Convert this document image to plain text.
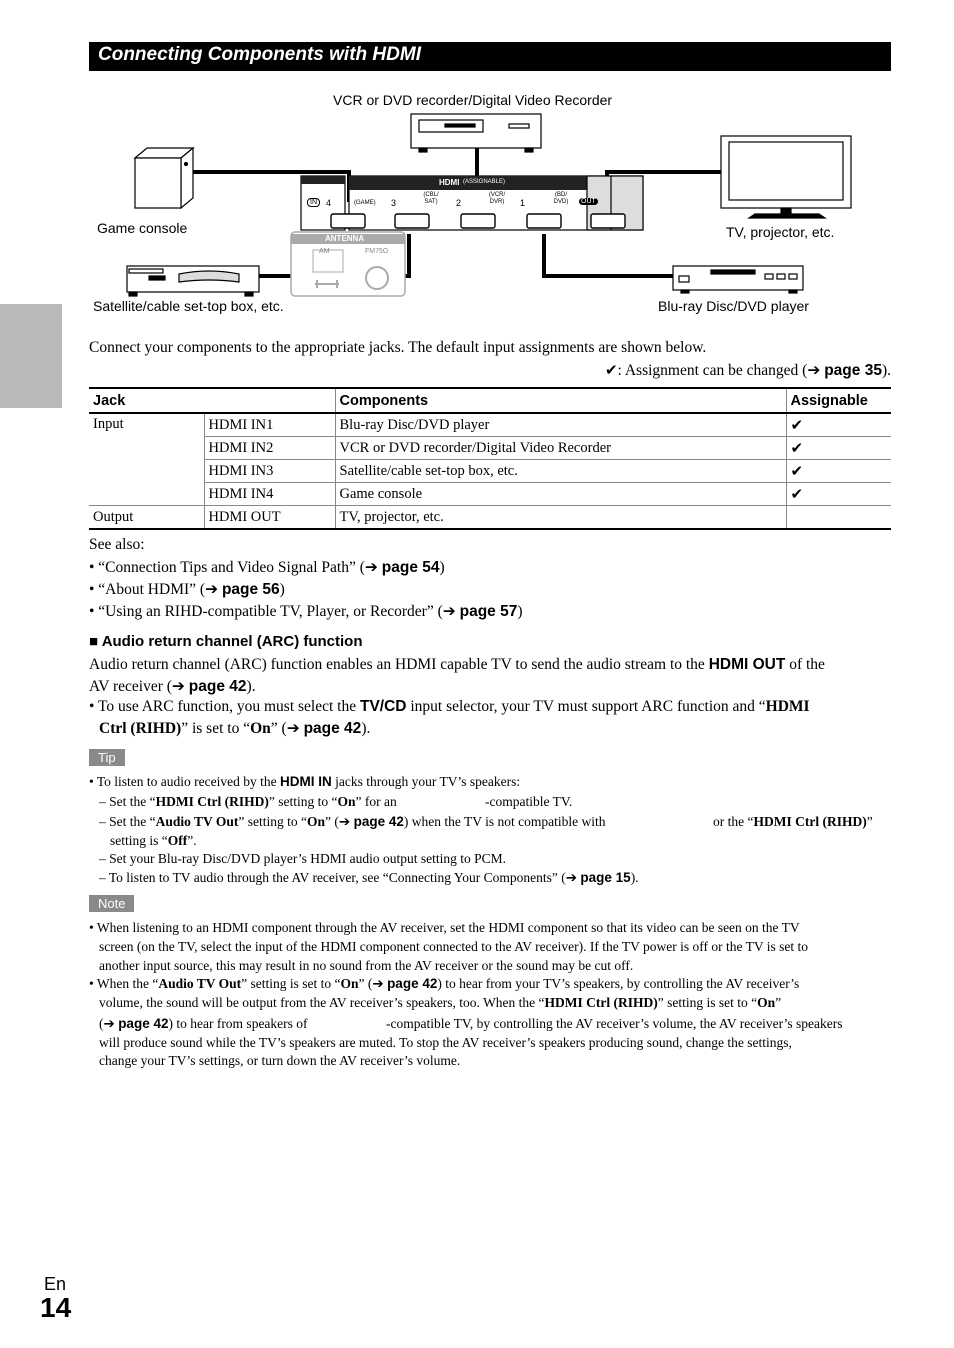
Connecting Components with HDMI
VCR or DVD recorder/Digital Video Recorder
Game console	TV, projector, etc.
Satellite/cable set-top box, etc.	Blu-ray Disc/DVD player
HDMI (ASSIGNABLE)
IN	OUT
4	(GAME) 3
(CBL/ SAT)	2
(VCR/ DVR)	1
(BD/ DVD)
ANTENNA
AM	FM75Ω
Connect your components to the appropriate jacks. The default input assignments are shown below.
✔: Assignment can be changed (➔ page 35).
Jack		Components	Assignable
Input	HDMI IN1	Blu-ray Disc/DVD player	✔
	HDMI IN2	VCR or DVD recorder/Digital Video Recorder	✔
	HDMI IN3	Satellite/cable set-top box, etc.	✔
	HDMI IN4	Game console	✔
Output	HDMI OUT	TV, projector, etc.	
See also:
• “Connection Tips and Video Signal Path” (➔ page 54)
• “About HDMI” (➔ page 56)
• “Using an RIHD-compatible TV, Player, or Recorder” (➔ page 57)
■ Audio return channel (ARC) function
Audio return channel (ARC) function enables an HDMI capable TV to send the audio stream to the HDMI OUT of the
AV receiver (➔ page 42).
• To use ARC function, you must select the TV/CD input selector, your TV must support ARC function and “HDMI
Ctrl (RIHD)” is set to “On” (➔ page 42).
Tip
• To listen to audio received by the HDMI IN jacks through your TV’s speakers:
– Set the “HDMI Ctrl (RIHD)” setting to “On” for an	-compatible TV.
– Set the “Audio TV Out” setting to “On” (➔ page 42) when the TV is not compatible with	or the “HDMI Ctrl (RIHD)”
setting is “Off”.
– Set your Blu-ray Disc/DVD player’s HDMI audio output setting to PCM.
– To listen to TV audio through the AV receiver, see “Connecting Your Components” (➔ page 15).
Note
• When listening to an HDMI component through the AV receiver, set the HDMI component so that its video can be seen on the TV
screen (on the TV, select the input of the HDMI component connected to the AV receiver). If the TV power is off or the TV is set to
another input source, this may result in no sound from the AV receiver or the sound may be cut off.
• When the “Audio TV Out” setting is set to “On” (➔ page 42) to hear from your TV’s speakers, by controlling the AV receiver’s
volume, the sound will be output from the AV receiver’s speakers, too. When the “HDMI Ctrl (RIHD)” setting is set to “On”
(➔ page 42) to hear from speakers of	-compatible TV, by controlling the AV receiver’s volume, the AV receiver’s speakers
will produce sound while the TV’s speakers are muted. To stop the AV receiver’s speakers producing sound, change the settings,
change your TV’s settings, or turn down the AV receiver’s volume.
En
14
